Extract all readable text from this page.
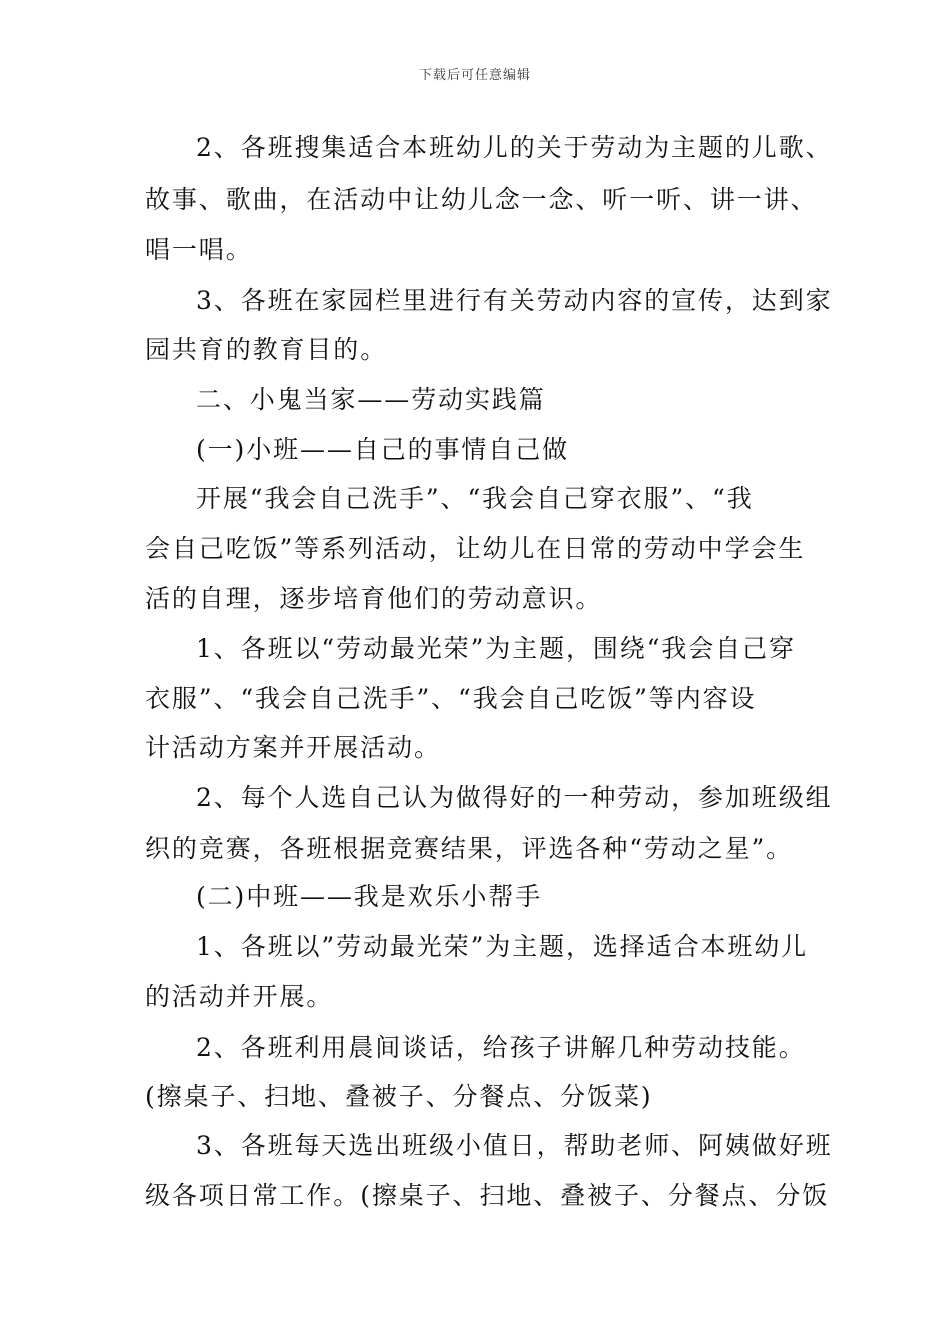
下载后可任意编辑
2、各班搜集适合本班幼儿的关于劳动为主题的儿歌、
故事、歌曲，在活动中让幼儿念一念、听一听、讲一讲、
唱一唱。
3、各班在家园栏里进行有关劳动内容的宣传，达到家
园共育的教育目的。
二、小鬼当家——劳动实践篇
(一)小班——自己的事情自己做
开展“我会自己洗手”、“我会自己穿衣服”、“我
会自己吃饭”等系列活动，让幼儿在日常的劳动中学会生
活的自理，逐步培育他们的劳动意识。
1、各班以“劳动最光荣”为主题，围绕“我会自己穿
衣服”、“我会自己洗手”、“我会自己吃饭”等内容设
计活动方案并开展活动。
2、每个人选自己认为做得好的一种劳动，参加班级组
织的竞赛，各班根据竞赛结果，评选各种“劳动之星”。
(二)中班——我是欢乐小帮手
1、各班以”劳动最光荣”为主题，选择适合本班幼儿
的活动并开展。
2、各班利用晨间谈话，给孩子讲解几种劳动技能。
(擦桌子、扫地、叠被子、分餐点、分饭菜)
3、各班每天选出班级小值日，帮助老师、阿姨做好班
级各项日常工作。(擦桌子、扫地、叠被子、分餐点、分饭
